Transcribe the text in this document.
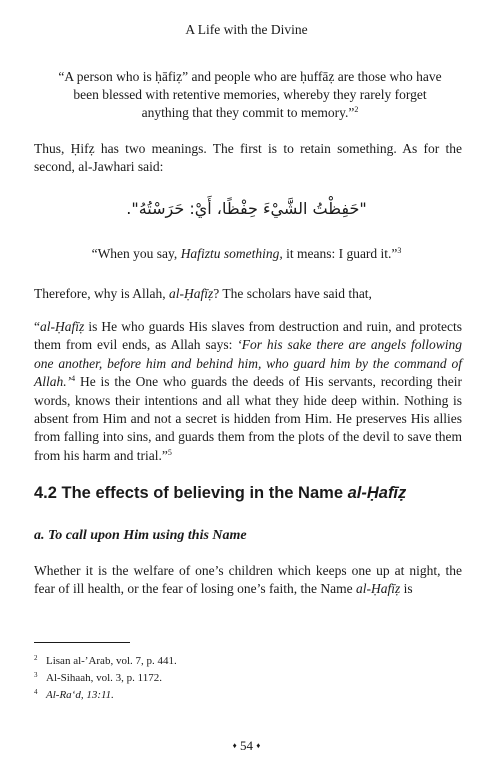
A Life with the Divine
“A person who is ḥāfiẓ” and people who are ḥuffāẓ are those who have been blessed with retentive memories, whereby they rarely forget anything that they commit to memory.”$^2$
Thus, Ḥifẓ has two meanings. The first is to retain something. As for the second, al-Jawhari said:
"حَفِظْتُ الشَّيْءَ حِفْظًا، أَيْ: حَرَسْتُهُ".
“When you say, Hafiztu something, it means: I guard it.”$^3$
Therefore, why is Allah, al-Ḥafīẓ? The scholars have said that,
“al-Ḥafīẓ is He who guards His slaves from destruction and ruin, and protects them from evil ends, as Allah says: ‘For his sake there are angels following one another, before him and behind him, who guard him by the command of Allah.’$^4$ He is the One who guards the deeds of His servants, recording their words, knows their intentions and all what they hide deep within. Nothing is absent from Him and not a secret is hidden from Him. He preserves His allies from falling into sins, and guards them from the plots of the devil to save them from his harm and trial.”$^5$
4.2 The effects of believing in the Name al-Ḥafīẓ
a. To call upon Him using this Name
Whether it is the welfare of one’s children which keeps one up at night, the fear of ill health, or the fear of losing one’s faith, the Name al-Ḥafīẓ is
2 Lisan al-’Arab, vol. 7, p. 441.
3 Al-Sihaah, vol. 3, p. 1172.
4 Al-Ra‘d, 13:11.
♦ 54 ♦
